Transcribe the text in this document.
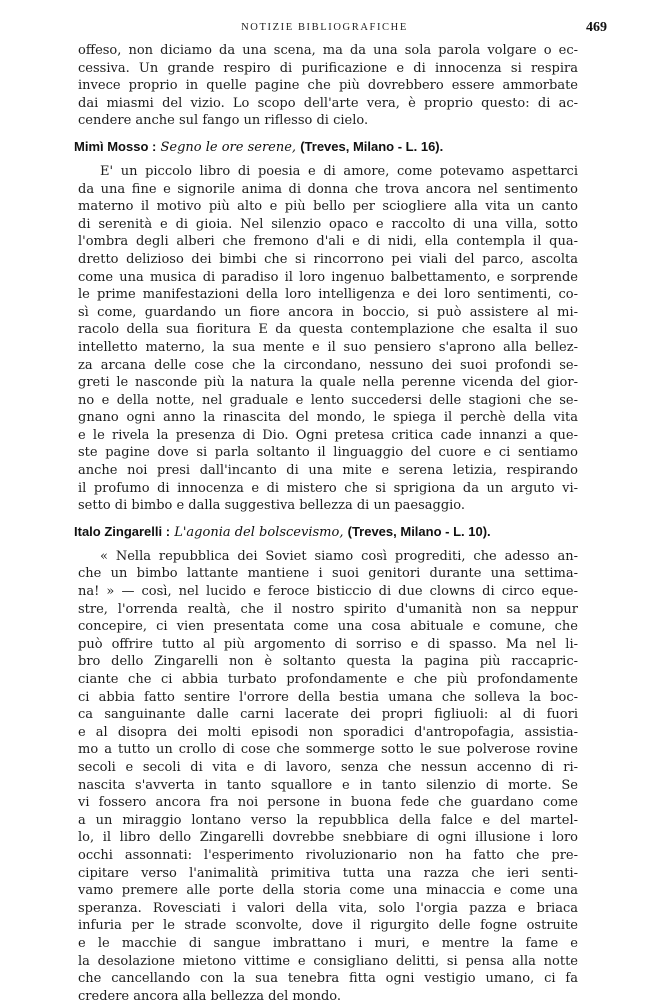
NOTIZIE BIBLIOGRAFICHE	469
offeso, non diciamo da una scena, ma da una sola parola volgare o ec-
cessiva. Un grande respiro di purificazione e di innocenza si respira
invece proprio in quelle pagine che più dovrebbero essere ammorbate
dai miasmi del vizio. Lo scopo dell'arte vera, è proprio questo: di ac-
cendere anche sul fango un riflesso di cielo.
Mimì Mosso : Segno le ore serene, (Treves, Milano - L. 16).
E' un piccolo libro di poesia e di amore, come potevamo aspettarci
da una fine e signorile anima di donna che trova ancora nel sentimento
materno il motivo più alto e più bello per sciogliere alla vita un canto
di serenità e di gioia. Nel silenzio opaco e raccolto di una villa, sotto
l'ombra degli alberi che fremono d'ali e di nidi, ella contempla il qua-
dretto delizioso dei bimbi che si rincorrono pei viali del parco, ascolta
come una musica di paradiso il loro ingenuo balbettamento, e sorprende
le prime manifestazioni della loro intelligenza e dei loro sentimenti, co-
sì come, guardando un fiore ancora in boccio, si può assistere al mi-
racolo della sua fioritura E da questa contemplazione che esalta il suo
intelletto materno, la sua mente e il suo pensiero s'aprono alla bellez-
za arcana delle cose che la circondano, nessuno dei suoi profondi se-
greti le nasconde più la natura la quale nella perenne vicenda del gior-
no e della notte, nel graduale e lento succedersi delle stagioni che se-
gnano ogni anno la rinascita del mondo, le spiega il perchè della vita
e le rivela la presenza di Dio. Ogni pretesa critica cade innanzi a que-
ste pagine dove si parla soltanto il linguaggio del cuore e ci sentiamo
anche noi presi dall'incanto di una mite e serena letizia, respirando
il profumo di innocenza e di mistero che si sprigiona da un arguto vi-
setto di bimbo e dalla suggestiva bellezza di un paesaggio.
Italo Zingarelli : L'agonia del bolscevismo, (Treves, Milano - L. 10).
« Nella repubblica dei Soviet siamo così progrediti, che adesso an-
che un bimbo lattante mantiene i suoi genitori durante una settima-
na! » — così, nel lucido e feroce bisticcio di due clowns di circo eque-
stre, l'orrenda realtà, che il nostro spirito d'umanità non sa neppur
concepire, ci vien presentata come una cosa abituale e comune, che
può offrire tutto al più argomento di sorriso e di spasso. Ma nel li-
bro dello Zingarelli non è soltanto questa la pagina più raccapric-
ciante che ci abbia turbato profondamente e che più profondamente
ci abbia fatto sentire l'orrore della bestia umana che solleva la boc-
ca sanguinante dalle carni lacerate dei propri figliuoli: al di fuori
e al disopra dei molti episodi non sporadici d'antropofagia, assistia-
mo a tutto un crollo di cose che sommerge sotto le sue polverose rovine
secoli e secoli di vita e di lavoro, senza che nessun accenno di ri-
nascita s'avverta in tanto squallore e in tanto silenzio di morte. Se
vi fossero ancora fra noi persone in buona fede che guardano come
a un miraggio lontano verso la repubblica della falce e del martel-
lo, il libro dello Zingarelli dovrebbe snebbiare di ogni illusione i loro
occhi assonnati: l'esperimento rivoluzionario non ha fatto che pre-
cipitare verso l'animalità primitiva tutta una razza che ieri senti-
vamo premere alle porte della storia come una minaccia e come una
speranza. Rovesciati i valori della vita, solo l'orgia pazza e briaca
infuria per le strade sconvolte, dove il rigurgito delle fogne ostruite
e le macchie di sangue imbrattano i muri, e mentre la fame e
la desolazione mietono vittime e consigliano delitti, si pensa alla notte
che cancellando con la sua tenebra fitta ogni vestigio umano, ci fa
credere ancora alla bellezza del mondo.
